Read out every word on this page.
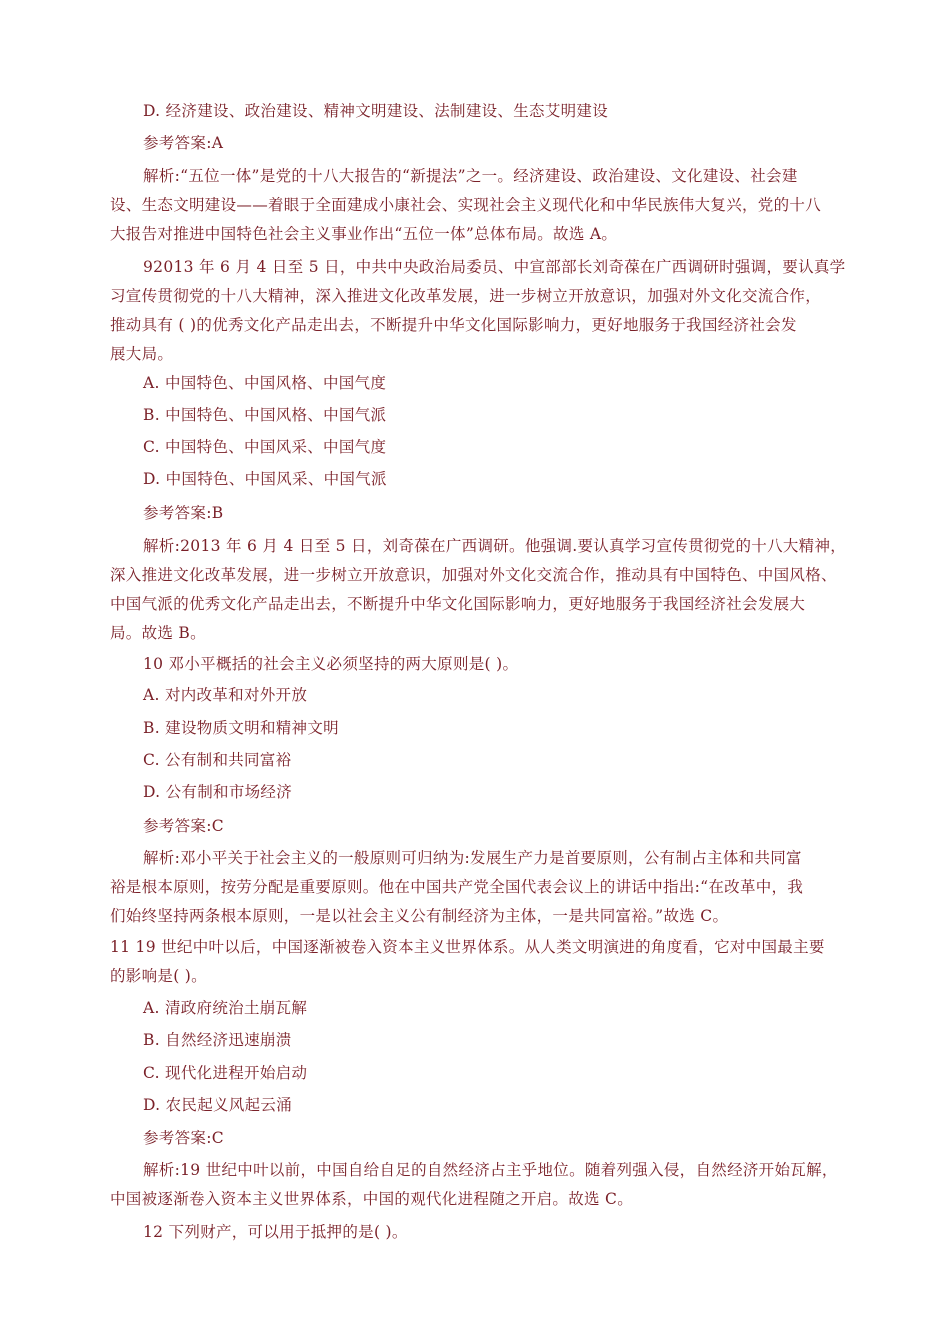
D. 经济建设、政治建设、精神文明建设、法制建设、生态艾明建设
参考答案:A
解析:“五位一体”是党的十八大报告的“新提法”之一。经济建设、政治建设、文化建设、社会建
设、生态文明建设——着眼于全面建成小康社会、实现社会主义现代化和中华民族伟大复兴，党的十八
大报告对推进中国特色社会主义事业作出“五位一体”总体布局。故选 A。
92013 年 6 月 4 日至 5 日，中共中央政治局委员、中宣部部长刘奇葆在广西调研时强调，要认真学
习宣传贯彻党的十八大精神，深入推进文化改革发展，进一步树立开放意识，加强对外文化交流合作，
推动具有 ( )的优秀文化产品走出去，不断提升中华文化国际影响力，更好地服务于我国经济社会发
展大局。
A. 中国特色、中国风格、中国气度
B. 中国特色、中国风格、中国气派
C. 中国特色、中国风采、中国气度
D. 中国特色、中国风采、中国气派
参考答案:B
解析:2013 年 6 月 4 日至 5 日，刘奇葆在广西调研。他强调.要认真学习宣传贯彻党的十八大精神，
深入推进文化改革发展，进一步树立开放意识，加强对外文化交流合作，推动具有中国特色、中国风格、
中国气派的优秀文化产品走出去，不断提升中华文化国际影响力，更好地服务于我国经济社会发展大
局。故选 B。
10 邓小平概括的社会主义必须坚持的两大原则是( )。
A. 对内改革和对外开放
B. 建设物质文明和精神文明
C. 公有制和共同富裕
D. 公有制和市场经济
参考答案:C
解析:邓小平关于社会主义的一般原则可归纳为:发展生产力是首要原则，公有制占主体和共同富
裕是根本原则，按劳分配是重要原则。他在中国共产党全国代表会议上的讲话中指出:“在改革中，我
们始终坚持两条根本原则，一是以社会主义公有制经济为主体，一是共同富裕。”故选 C。
11 19 世纪中叶以后，中国逐渐被卷入资本主义世界体系。从人类文明演进的角度看，它对中国最主要
的影响是( )。
A. 清政府统治土崩瓦解
B. 自然经济迅速崩溃
C. 现代化进程开始启动
D. 农民起义风起云涌
参考答案:C
解析:19 世纪中叶以前，中国自给自足的自然经济占主乎地位。随着列强入侵，自然经济开始瓦解，
中国被逐渐卷入资本主义世界体系，中国的观代化进程随之开启。故选 C。
12 下列财产，可以用于抵押的是( )。
